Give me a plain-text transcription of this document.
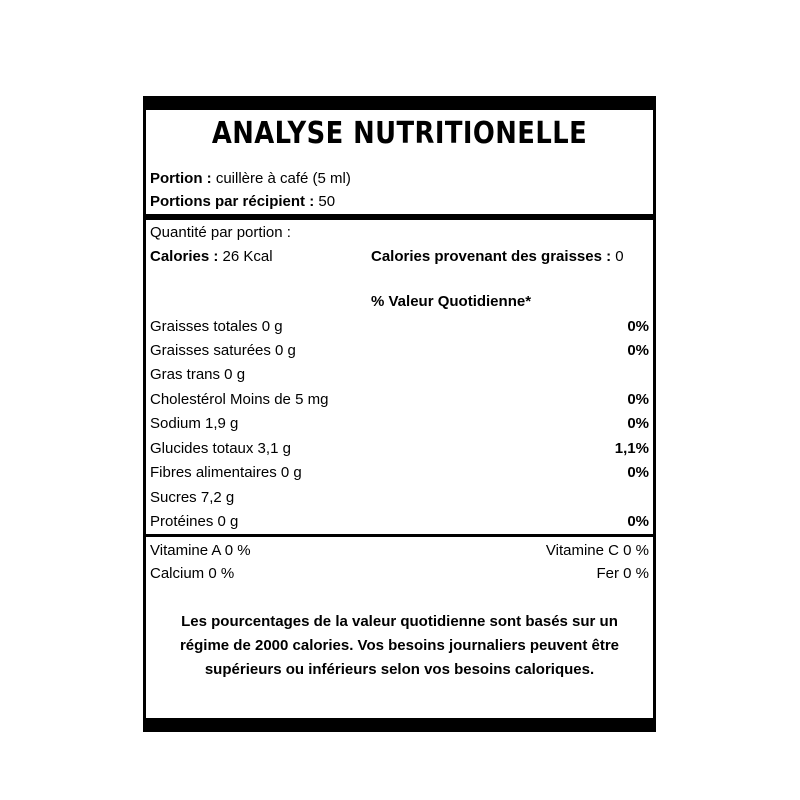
ANALYSE NUTRITIONELLE
Portion : cuillère à café (5 ml)
Portions par récipient : 50
Quantité par portion :
Calories : 26 Kcal	Calories provenant des graisses : 0
% Valeur Quotidienne*
Graisses totales 0 g	0%
Graisses saturées 0 g	0%
Gras trans 0 g
Cholestérol Moins de 5 mg	0%
Sodium 1,9 g	0%
Glucides totaux 3,1 g	1,1%
Fibres alimentaires 0 g	0%
Sucres 7,2 g
Protéines 0 g	0%
Vitamine A 0 %	Vitamine C 0 %
Calcium 0 %	Fer 0 %
Les pourcentages de la valeur quotidienne sont basés sur un régime de 2000 calories. Vos besoins journaliers peuvent être supérieurs ou inférieurs selon vos besoins caloriques.
